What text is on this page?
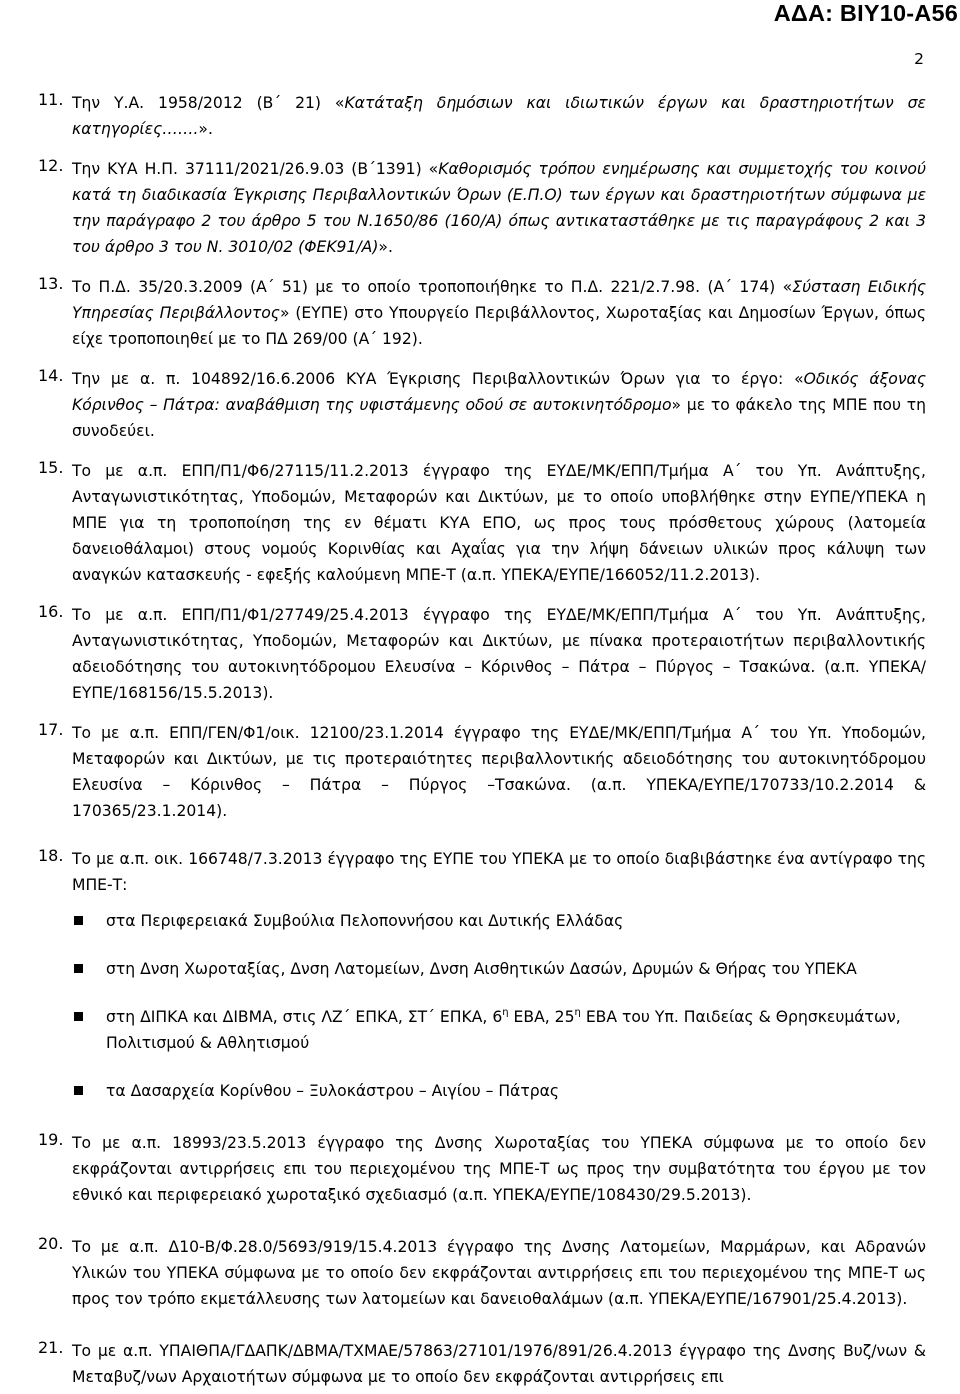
ΑΔΑ: ΒΙΥ10-Α56
2
11. Την Υ.Α. 1958/2012 (Β΄ 21) «Κατάταξη δημόσιων και ιδιωτικών έργων και δραστηριοτήτων σε κατηγορίες…….».
12. Την ΚΥΑ Η.Π. 37111/2021/26.9.03 (Β΄1391) «Καθορισμός τρόπου ενημέρωσης και συμμετοχής του κοινού κατά τη διαδικασία Έγκρισης Περιβαλλοντικών Όρων (Ε.Π.Ο) των έργων και δραστηριοτήτων σύμφωνα με την παράγραφο 2 του άρθρο 5 του Ν.1650/86 (160/Α) όπως αντικαταστάθηκε με τις παραγράφους 2 και 3 του άρθρο 3 του Ν. 3010/02 (ΦΕΚ91/Α)».
13. Το Π.Δ. 35/20.3.2009 (Α΄ 51) με το οποίο τροποποιήθηκε το Π.Δ. 221/2.7.98. (Α΄ 174) «Σύσταση Ειδικής Υπηρεσίας Περιβάλλοντος» (ΕΥΠΕ) στο Υπουργείο Περιβάλλοντος, Χωροταξίας και Δημοσίων Έργων, όπως είχε τροποποιηθεί με το ΠΔ 269/00 (Α΄ 192).
14. Την με α. π. 104892/16.6.2006 ΚΥΑ Έγκρισης Περιβαλλοντικών Όρων για το έργο: «Οδικός άξονας Κόρινθος – Πάτρα: αναβάθμιση της υφιστάμενης οδού σε αυτοκινητόδρομο» με το φάκελο της ΜΠΕ που τη συνοδεύει.
15. Το με α.π. ΕΠΠ/Π1/Φ6/27115/11.2.2013 έγγραφο της ΕΥΔΕ/ΜΚ/ΕΠΠ/Τμήμα Α΄ του Υπ. Ανάπτυξης, Ανταγωνιστικότητας, Υποδομών, Μεταφορών και Δικτύων, με το οποίο υποβλήθηκε στην ΕΥΠΕ/ΥΠΕΚΑ η ΜΠΕ για τη τροποποίηση της εν θέματι ΚΥΑ ΕΠΟ, ως προς τους πρόσθετους χώρους (λατομεία δανειοθάλαμοι) στους νομούς Κορινθίας και Αχαΐας για την λήψη δάνειων υλικών προς κάλυψη των αναγκών κατασκευής - εφεξής καλούμενη ΜΠΕ-Τ (α.π. ΥΠΕΚΑ/ΕΥΠΕ/166052/11.2.2013).
16. Το με α.π. ΕΠΠ/Π1/Φ1/27749/25.4.2013 έγγραφο της ΕΥΔΕ/ΜΚ/ΕΠΠ/Τμήμα Α΄ του Υπ. Ανάπτυξης, Ανταγωνιστικότητας, Υποδομών, Μεταφορών και Δικτύων, με πίνακα προτεραιοτήτων περιβαλλοντικής αδειοδότησης του αυτοκινητόδρομου Ελευσίνα – Κόρινθος – Πάτρα – Πύργος – Τσακώνα. (α.π. ΥΠΕΚΑ/ΕΥΠΕ/168156/15.5.2013).
17. Το με α.π. ΕΠΠ/ΓΕΝ/Φ1/οικ. 12100/23.1.2014 έγγραφο της ΕΥΔΕ/ΜΚ/ΕΠΠ/Τμήμα Α΄ του Υπ. Υποδομών, Μεταφορών και Δικτύων, με τις προτεραιότητες περιβαλλοντικής αδειοδότησης του αυτοκινητόδρομου Ελευσίνα – Κόρινθος – Πάτρα – Πύργος –Τσακώνα. (α.π. ΥΠΕΚΑ/ΕΥΠΕ/170733/10.2.2014 & 170365/23.1.2014).
18. Το με α.π. οικ. 166748/7.3.2013 έγγραφο της ΕΥΠΕ του ΥΠΕΚΑ με το οποίο διαβιβάστηκε ένα αντίγραφο της ΜΠΕ-Τ:
στα Περιφερειακά Συμβούλια Πελοποννήσου και Δυτικής Ελλάδας
στη Δνση Χωροταξίας, Δνση Λατομείων, Δνση Αισθητικών Δασών, Δρυμών & Θήρας του ΥΠΕΚΑ
στη ΔΙΠΚΑ και ΔΙΒΜΑ, στις ΛΖ΄ ΕΠΚΑ, ΣΤ΄ ΕΠΚΑ, $6^\eta$ ΕΒΑ, $25^\eta$ ΕΒΑ του Υπ. Παιδείας & Θρησκευμάτων, Πολιτισμού & Αθλητισμού
τα Δασαρχεία Κορίνθου – Ξυλοκάστρου – Αιγίου – Πάτρας
19. Το με α.π. 18993/23.5.2013 έγγραφο της Δνσης Χωροταξίας του ΥΠΕΚΑ σύμφωνα με το οποίο δεν εκφράζονται αντιρρήσεις επι του περιεχομένου της ΜΠΕ-Τ ως προς την συμβατότητα του έργου με τον εθνικό και περιφερειακό χωροταξικό σχεδιασμό (α.π. ΥΠΕΚΑ/ΕΥΠΕ/108430/29.5.2013).
20. Το με α.π. Δ10-Β/Φ.28.0/5693/919/15.4.2013 έγγραφο της Δνσης Λατομείων, Μαρμάρων, και Αδρανών Υλικών του ΥΠΕΚΑ σύμφωνα με το οποίο δεν εκφράζονται αντιρρήσεις επι του περιεχομένου της ΜΠΕ-Τ ως προς τον τρόπο εκμετάλλευσης των λατομείων και δανειοθαλάμων (α.π. ΥΠΕΚΑ/ΕΥΠΕ/167901/25.4.2013).
21. Το με α.π. ΥΠΑΙΘΠΑ/ΓΔΑΠΚ/ΔΒΜΑ/ΤΧΜΑΕ/57863/27101/1976/891/26.4.2013 έγγραφο της Δνσης Βυζ/νων & Μεταβυζ/νων Αρχαιοτήτων σύμφωνα με το οποίο δεν εκφράζονται αντιρρήσεις επι
